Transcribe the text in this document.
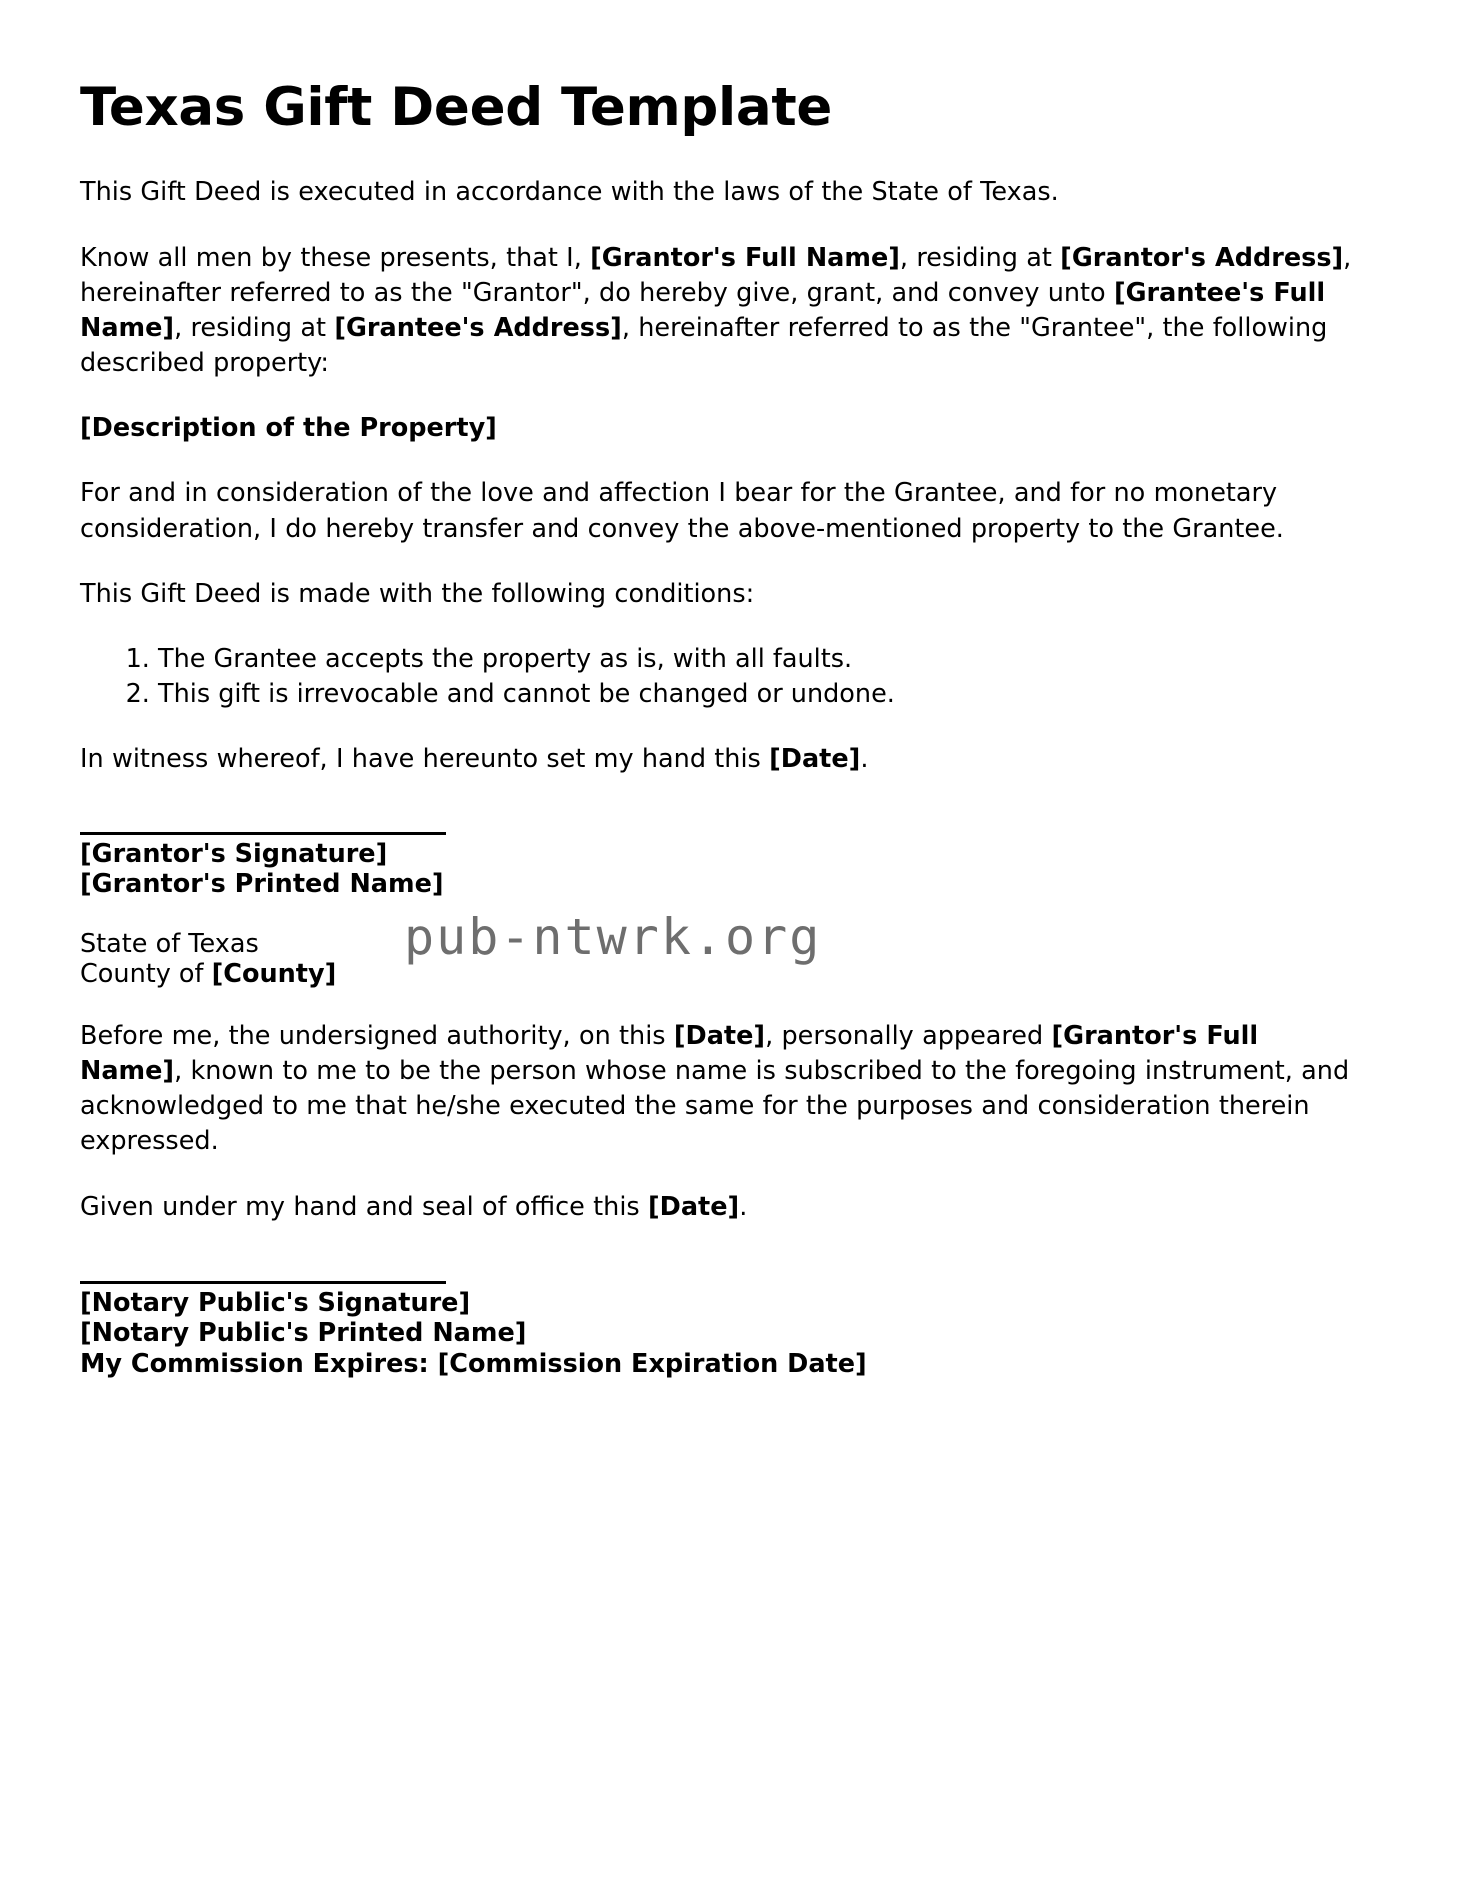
pub-ntwrk.org
Texas Gift Deed Template

This Gift Deed is executed in accordance with the laws of the State of Texas.

Know all men by these presents, that I, [Grantor's Full Name], residing at [Grantor's Address], hereinafter referred to as the "Grantor", do hereby give, grant, and convey unto [Grantee's Full Name], residing at [Grantee's Address], hereinafter referred to as the "Grantee", the following described property:

[Description of the Property]

For and in consideration of the love and affection I bear for the Grantee, and for no monetary consideration, I do hereby transfer and convey the above-mentioned property to the Grantee.

This Gift Deed is made with the following conditions:

1. The Grantee accepts the property as is, with all faults.
2. This gift is irrevocable and cannot be changed or undone.

In witness whereof, I have hereunto set my hand this [Date].

[Grantor's Signature]

[Grantor's Printed Name]

State of Texas

County of [County]

Before me, the undersigned authority, on this [Date], personally appeared [Grantor's Full Name], known to me to be the person whose name is subscribed to the foregoing instrument, and acknowledged to me that he/she executed the same for the purposes and consideration therein expressed.

Given under my hand and seal of office this [Date].

[Notary Public's Signature]

[Notary Public's Printed Name]

My Commission Expires: [Commission Expiration Date]
